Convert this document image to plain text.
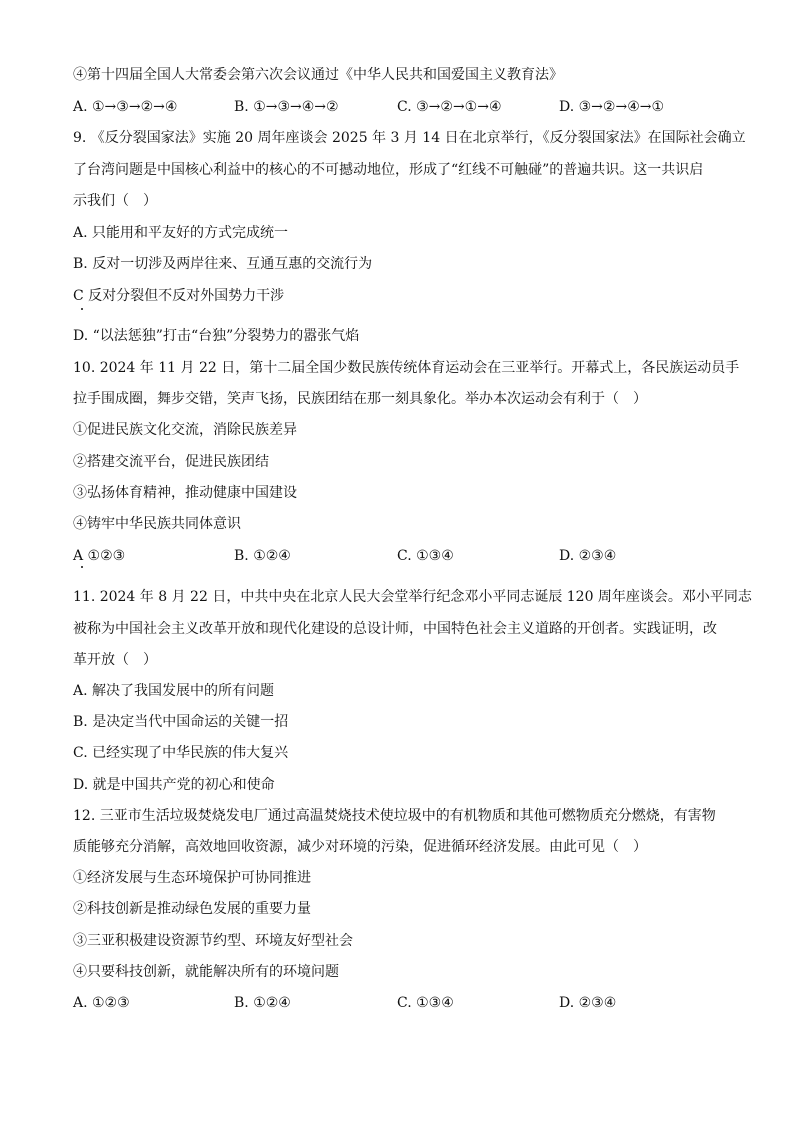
④第十四届全国人大常委会第六次会议通过《中华人民共和国爱国主义教育法》
A. ①→③→②→④	B. ①→③→④→②	C. ③→②→①→④	D. ③→②→④→①
9. 《反分裂国家法》实施 20 周年座谈会 2025 年 3 月 14 日在北京举行，《反分裂国家法》在国际社会确立
了台湾问题是中国核心利益中的核心的不可撼动地位，形成了“红线不可触碰”的普遍共识。这一共识启
示我们（　）
A. 只能用和平友好的方式完成统一
B. 反对一切涉及两岸往来、互通互惠的交流行为
C 反对分裂但不反对外国势力干涉
D. “以法惩独”打击“台独”分裂势力的嚣张气焰
10. 2024 年 11 月 22 日，第十二届全国少数民族传统体育运动会在三亚举行。开幕式上，各民族运动员手
拉手围成圈，舞步交错，笑声飞扬，民族团结在那一刻具象化。举办本次运动会有利于（　）
①促进民族文化交流，消除民族差异
②搭建交流平台，促进民族团结
③弘扬体育精神，推动健康中国建设
④铸牢中华民族共同体意识
A ①②③	B. ①②④	C. ①③④	D. ②③④
11. 2024 年 8 月 22 日，中共中央在北京人民大会堂举行纪念邓小平同志诞辰 120 周年座谈会。邓小平同志
被称为中国社会主义改革开放和现代化建设的总设计师，中国特色社会主义道路的开创者。实践证明，改
革开放（　）
A. 解决了我国发展中的所有问题
B. 是决定当代中国命运的关键一招
C. 已经实现了中华民族的伟大复兴
D. 就是中国共产党的初心和使命
12. 三亚市生活垃圾焚烧发电厂通过高温焚烧技术使垃圾中的有机物质和其他可燃物质充分燃烧，有害物
质能够充分消解，高效地回收资源，减少对环境的污染，促进循环经济发展。由此可见（　）
①经济发展与生态环境保护可协同推进
②科技创新是推动绿色发展的重要力量
③三亚积极建设资源节约型、环境友好型社会
④只要科技创新，就能解决所有的环境问题
A. ①②③	B. ①②④	C. ①③④	D. ②③④
